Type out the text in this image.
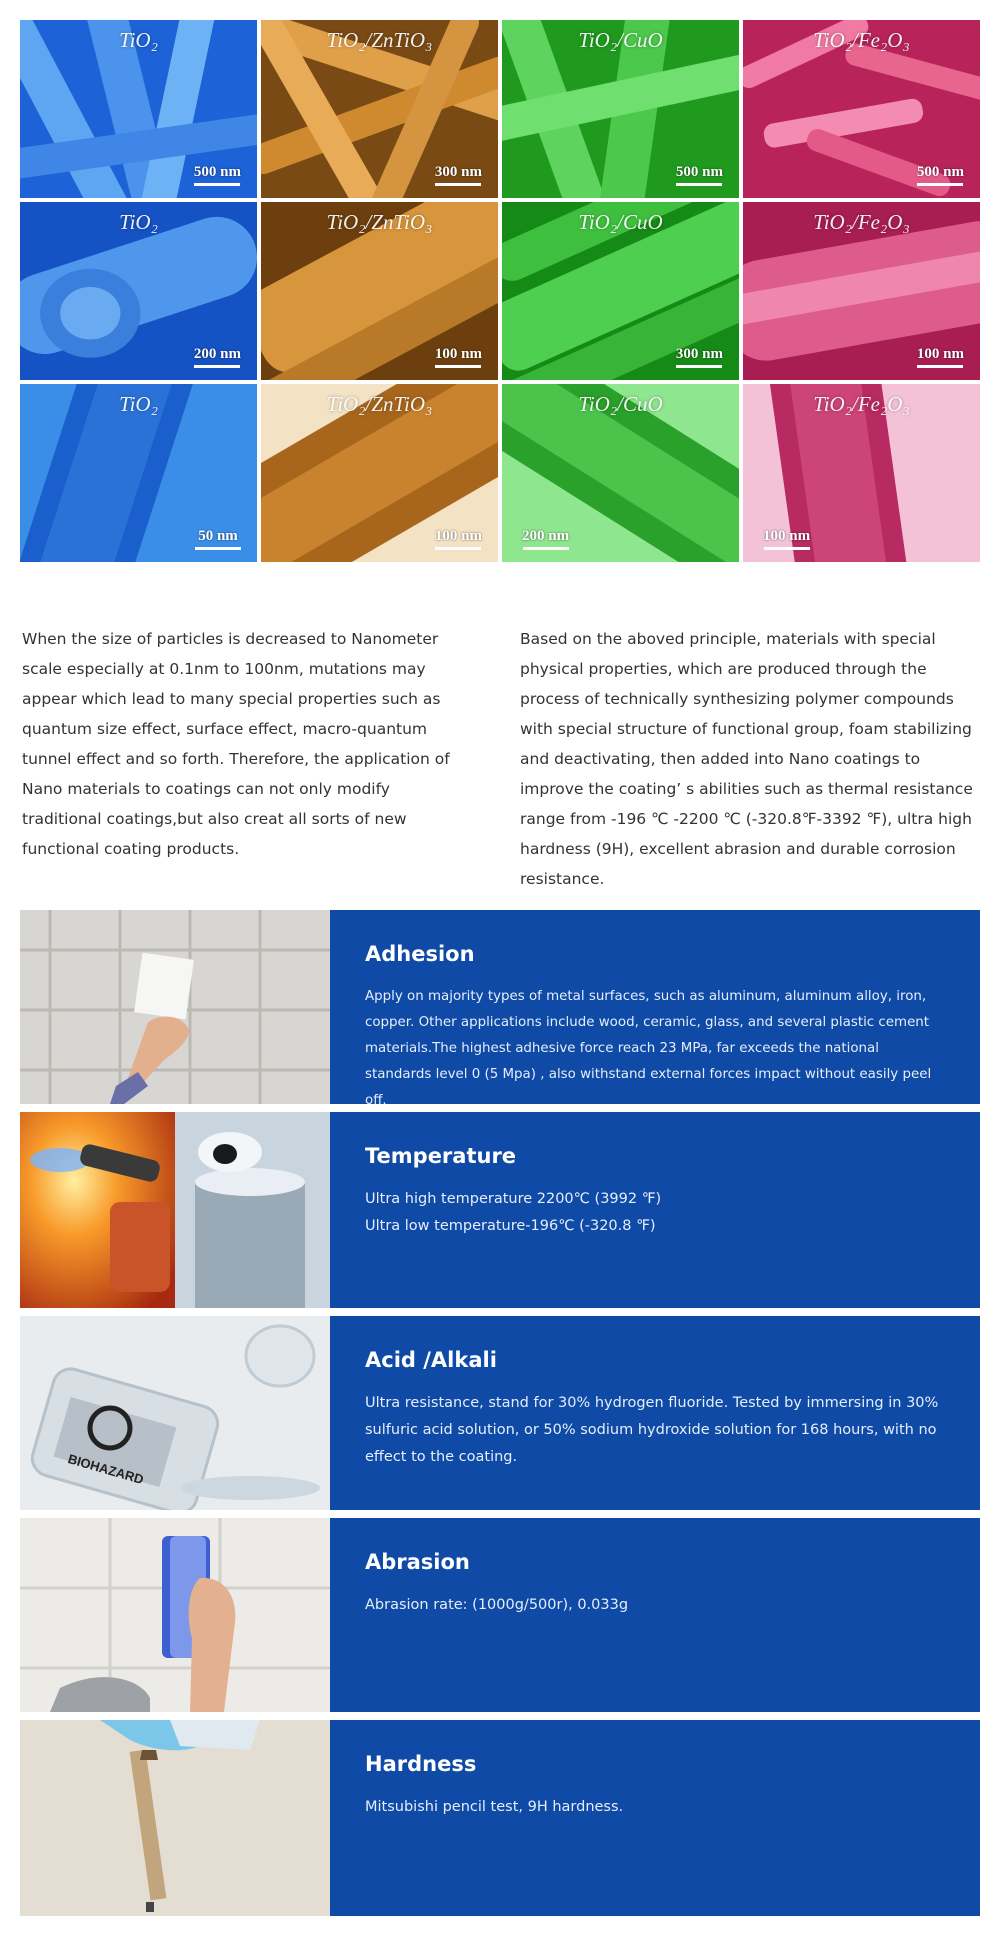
TiO₂
500 nm
TiO₂/ZnTiO₃
300 nm
TiO₂/CuO
500 nm
TiO₂/Fe₂O₃
500 nm
TiO₂
200 nm
TiO₂/ZnTiO₃
100 nm
TiO₂/CuO
300 nm
TiO₂/Fe₂O₃
100 nm
TiO₂
50 nm
TiO₂/ZnTiO₃
100 nm
TiO₂/CuO
200 nm
TiO₂/Fe₂O₃
100 nm

When the size of particles is decreased to Nanometer scale especially at 0.1nm to 100nm, mutations may appear which lead to many special properties such as quantum size effect, surface effect, macro-quantum tunnel effect and so forth. Therefore, the application of Nano materials to coatings can not only modify traditional coatings,but also creat all sorts of new functional coating products.

Based on the aboved principle, materials with special physical properties, which are produced through the process of technically synthesizing polymer compounds with special structure of functional group, foam stabilizing and deactivating, then added into Nano coatings to improve the coating’ s abilities such as thermal resistance range from -196 ℃ -2200 ℃ (-320.8℉-3392 ℉), ultra high hardness (9H), excellent abrasion and durable corrosion resistance.

Adhesion

Apply on majority types of metal surfaces, such as aluminum, aluminum alloy, iron, copper. Other applications include wood, ceramic, glass, and several plastic cement materials.The highest adhesive force reach 23 MPa, far exceeds the national standards level 0 (5 Mpa) , also withstand external forces impact without easily peel off.

Temperature

Ultra high temperature 2200℃ (3992 ℉)

Ultra low temperature-196℃ (-320.8 ℉)

BIOHAZARD
Acid /Alkali

Ultra resistance, stand for 30% hydrogen fluoride. Tested by immersing in 30% sulfuric acid solution, or 50% sodium hydroxide solution for 168 hours, with no effect to the coating.

Abrasion

Abrasion rate: (1000g/500r), 0.033g

Hardness

Mitsubishi pencil test, 9H hardness.
